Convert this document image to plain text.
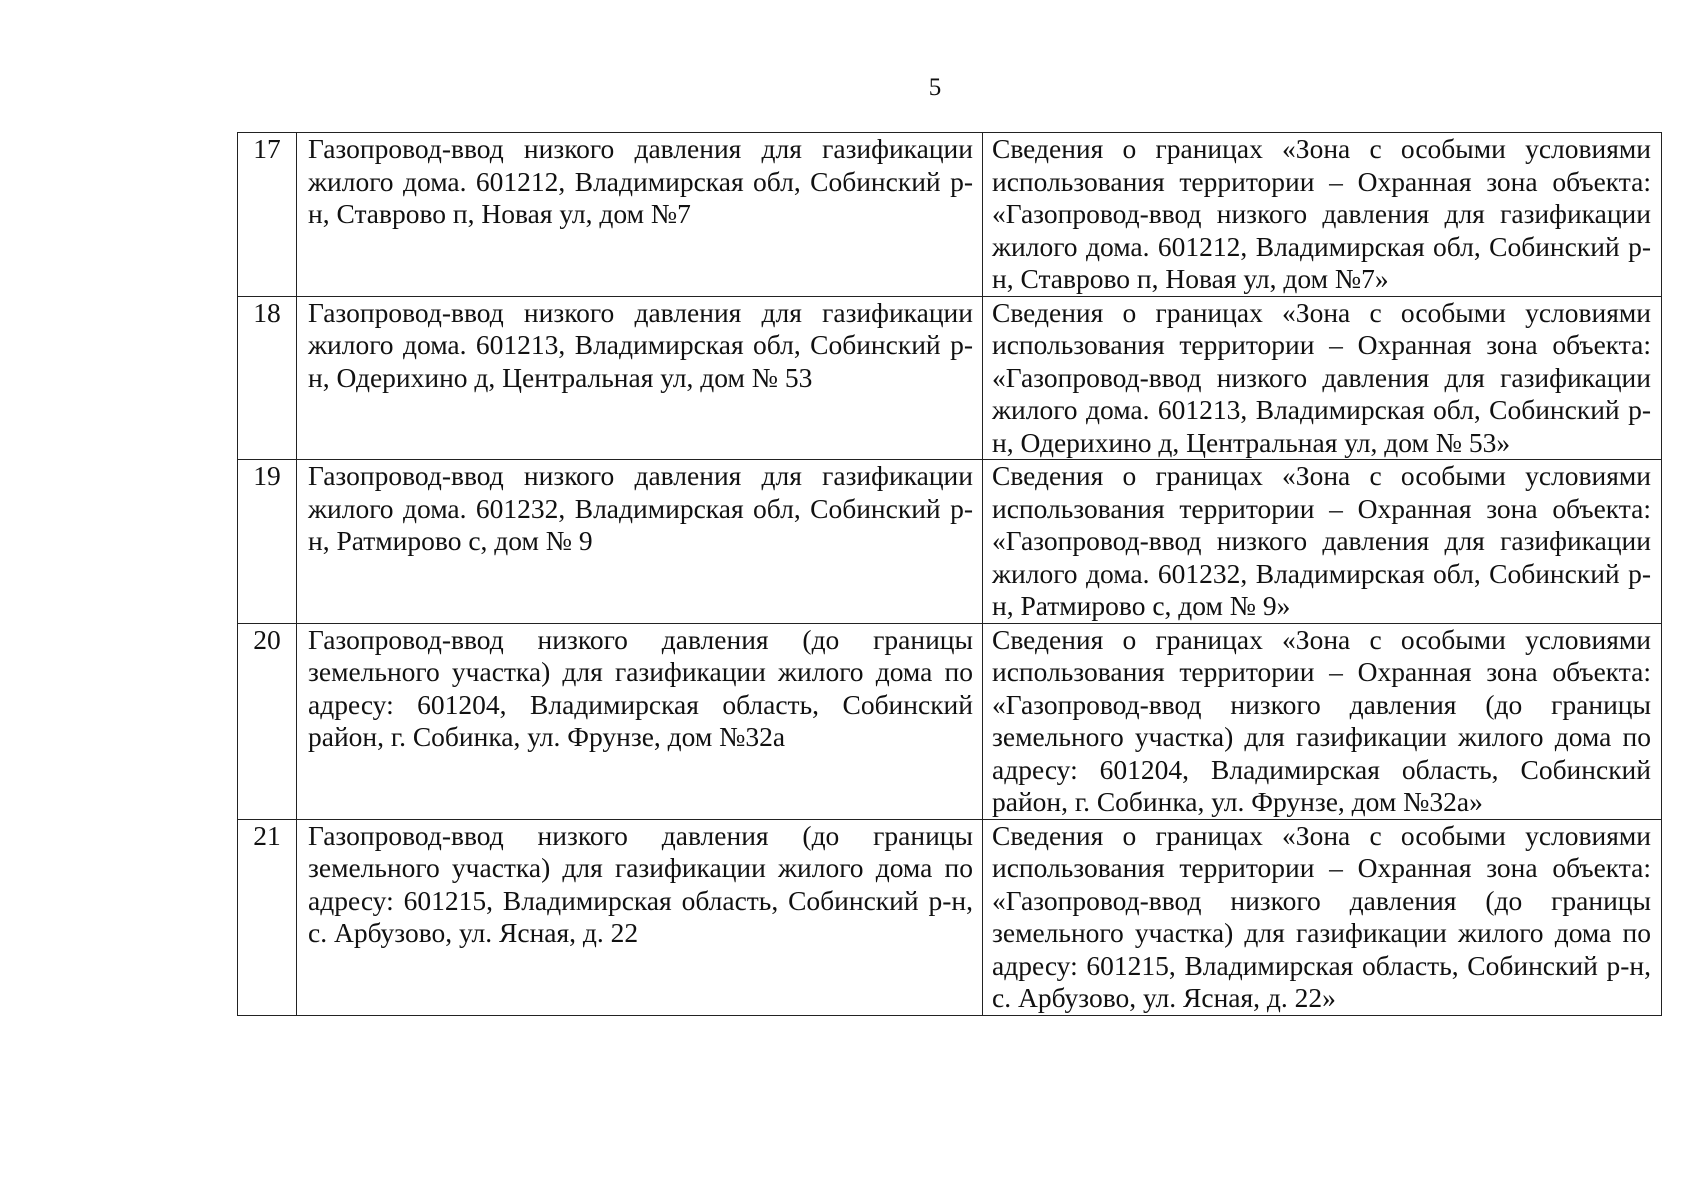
5
17	Газопровод-ввод низкого давления для газификации жилого дома. 601212, Владимирская обл, Собинский р-н, Ставрово п, Новая ул, дом №7	Сведения о границах «Зона с особыми условиями использования территории – Охранная зона объекта: «Газопровод-ввод низкого давления для газификации жилого дома. 601212, Владимирская обл, Собинский р-н, Ставрово п, Новая ул, дом №7»
18	Газопровод-ввод низкого давления для газификации жилого дома. 601213, Владимирская обл, Собинский р-н, Одерихино д, Центральная ул, дом № 53	Сведения о границах «Зона с особыми условиями использования территории – Охранная зона объекта: «Газопровод-ввод низкого давления для газификации жилого дома. 601213, Владимирская обл, Собинский р-н, Одерихино д, Центральная ул, дом № 53»
19	Газопровод-ввод низкого давления для газификации жилого дома. 601232, Владимирская обл, Собинский р-н, Ратмирово с, дом № 9	Сведения о границах «Зона с особыми условиями использования территории – Охранная зона объекта: «Газопровод-ввод низкого давления для газификации жилого дома. 601232, Владимирская обл, Собинский р-н, Ратмирово с, дом № 9»
20	Газопровод-ввод низкого давления (до границы земельного участка) для газификации жилого дома по адресу: 601204, Владимирская область, Собинский район, г. Собинка, ул. Фрунзе, дом №32а	Сведения о границах «Зона с особыми условиями использования территории – Охранная зона объекта: «Газопровод-ввод низкого давления (до границы земельного участка) для газификации жилого дома по адресу: 601204, Владимирская область, Собинский район, г. Собинка, ул. Фрунзе, дом №32а»
21	Газопровод-ввод низкого давления (до границы земельного участка) для газификации жилого дома по адресу: 601215, Владимирская область, Собинский р-н, с. Арбузово, ул. Ясная, д. 22	Сведения о границах «Зона с особыми условиями использования территории – Охранная зона объекта: «Газопровод-ввод низкого давления (до границы земельного участка) для газификации жилого дома по адресу: 601215, Владимирская область, Собинский р-н, с. Арбузово, ул. Ясная, д. 22»
